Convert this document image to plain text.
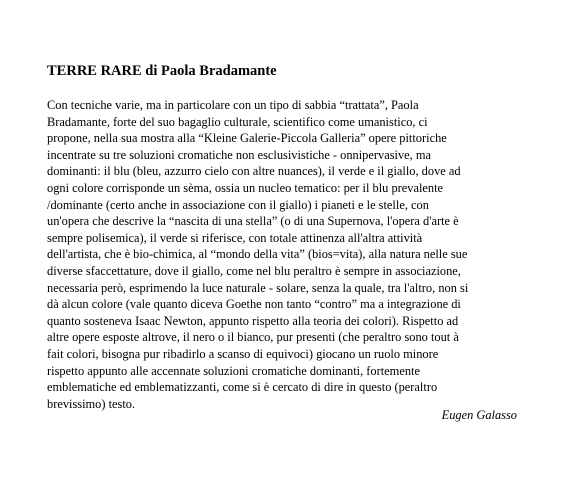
TERRE RARE di Paola Bradamante

Con tecniche varie, ma in particolare con un tipo di sabbia “trattata”, Paola
Bradamante, forte del suo bagaglio culturale, scientifico come umanistico, ci
propone, nella sua mostra alla “Kleine Galerie-Piccola Galleria” opere pittoriche
incentrate su tre soluzioni cromatiche non esclusivistiche - onnipervasive, ma
dominanti: il blu (bleu, azzurro cielo con altre nuances), il verde e il giallo, dove ad
ogni colore corrisponde un sèma, ossia un nucleo tematico: per il blu prevalente
/dominante (certo anche in associazione con il giallo) i pianeti e le stelle, con
un'opera che descrive la “nascita di una stella” (o di una Supernova, l'opera d'arte è
sempre polisemica), il verde si riferisce, con totale attinenza all'altra attività
dell'artista, che è bio-chimica, al “mondo della vita” (bios=vita), alla natura nelle sue
diverse sfaccettature, dove il giallo, come nel blu peraltro è sempre in associazione,
necessaria però, esprimendo la luce naturale - solare, senza la quale, tra l'altro, non si
dà alcun colore (vale quanto diceva Goethe non tanto “contro” ma a integrazione di
quanto sosteneva Isaac Newton, appunto rispetto alla teoria dei colori). Rispetto ad
altre opere esposte altrove, il nero o il bianco, pur presenti (che peraltro sono tout à
fait colori, bisogna pur ribadirlo a scanso di equivoci) giocano un ruolo minore
rispetto appunto alle accennate soluzioni cromatiche dominanti, fortemente
emblematiche ed emblematizzanti, come si è cercato di dire in questo (peraltro
brevissimo) testo.

Eugen Galasso
